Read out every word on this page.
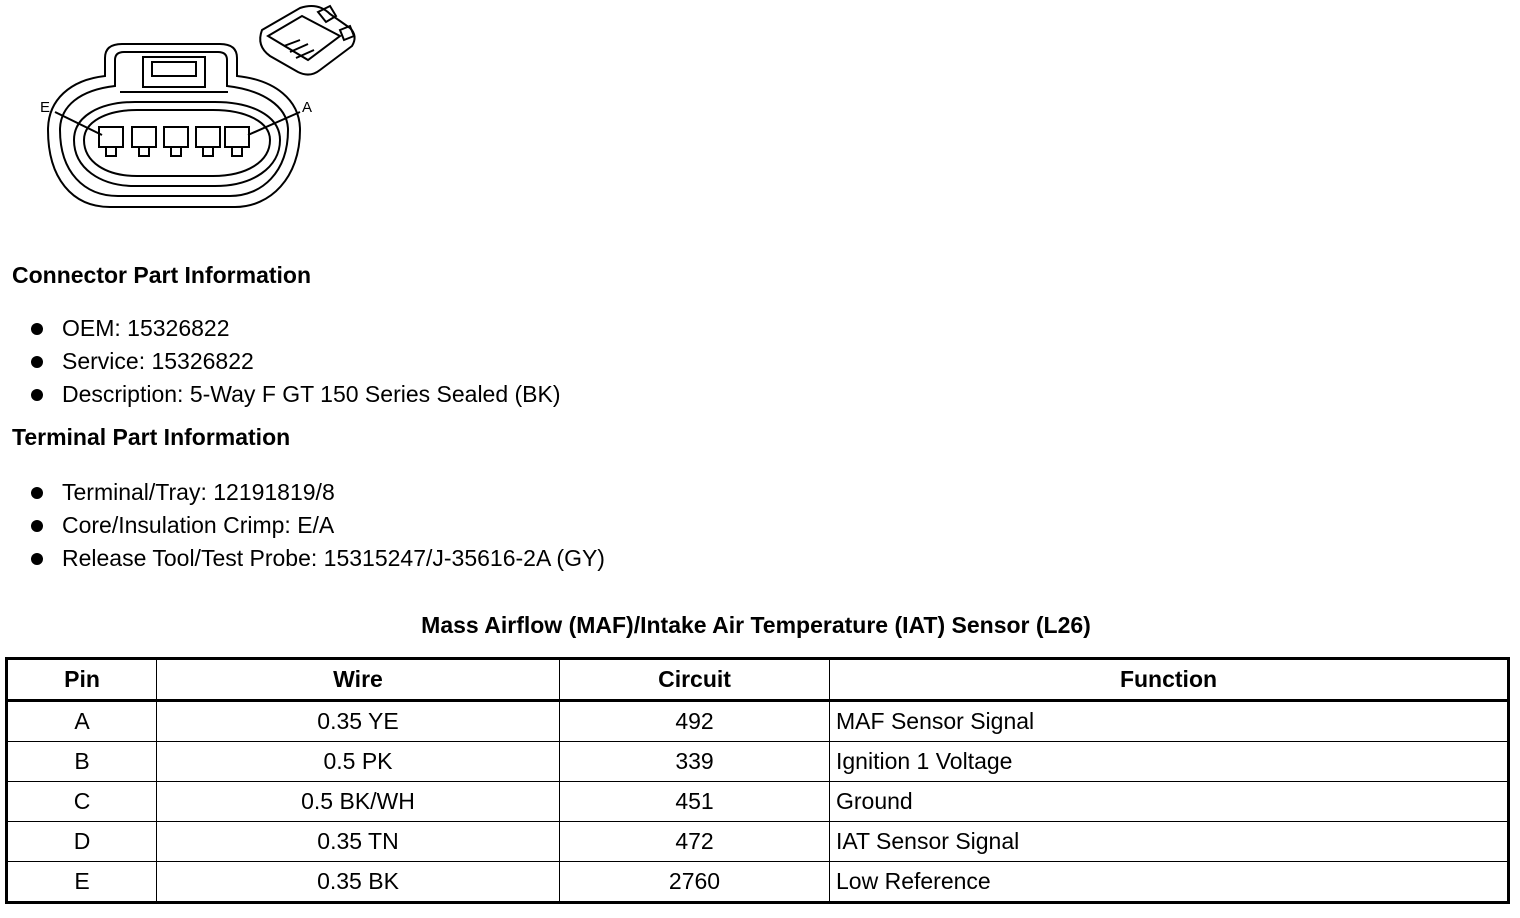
E	A
Connector Part Information
OEM: 15326822
Service: 15326822
Description: 5-Way F GT 150 Series Sealed (BK)
Terminal Part Information
Terminal/Tray: 12191819/8
Core/Insulation Crimp: E/A
Release Tool/Test Probe: 15315247/J-35616-2A (GY)
Mass Airflow (MAF)/Intake Air Temperature (IAT) Sensor (L26)
Pin	Wire	Circuit	Function
A	0.35 YE	492	MAF Sensor Signal
B	0.5 PK	339	Ignition 1 Voltage
C	0.5 BK/WH	451	Ground
D	0.35 TN	472	IAT Sensor Signal
E	0.35 BK	2760	Low Reference
